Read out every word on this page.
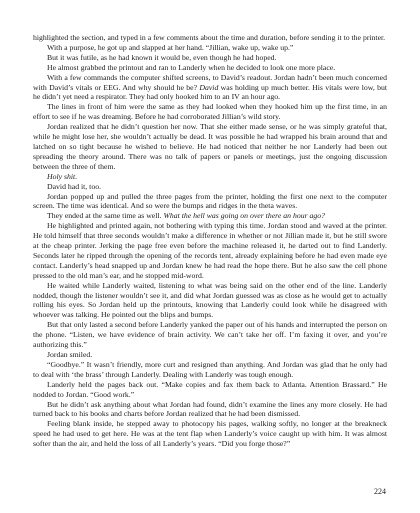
highlighted the section, and typed in a few comments about the time and duration, before sending it to the printer.

With a purpose, he got up and slapped at her hand. “Jillian, wake up, wake up.”

But it was futile, as he had known it would be, even though he had hoped.

He almost grabbed the printout and ran to Landerly when he decided to look one more place.

With a few commands the computer shifted screens, to David’s readout. Jordan hadn’t been much concerned with David’s vitals or EEG. And why should he be? David was holding up much better. His vitals were low, but he didn’t yet need a respirator. They had only hooked him to an IV an hour ago.

The lines in front of him were the same as they had looked when they hooked him up the first time, in an effort to see if he was dreaming. Before he had corroborated Jillian’s wild story.

Jordan realized that he didn’t question her now. That she either made sense, or he was simply grateful that, while he might lose her, she wouldn’t actually be dead. It was possible he had wrapped his brain around that and latched on so tight because he wished to believe. He had noticed that neither he nor Landerly had been out spreading the theory around. There was no talk of papers or panels or meetings, just the ongoing discussion between the three of them.

Holy shit.

David had it, too.

Jordan popped up and pulled the three pages from the printer, holding the first one next to the computer screen. The time was identical. And so were the bumps and ridges in the theta waves.

They ended at the same time as well. What the hell was going on over there an hour ago?

He highlighted and printed again, not bothering with typing this time. Jordan stood and waved at the printer. He told himself that three seconds wouldn’t make a difference in whether or not Jillian made it, but he still swore at the cheap printer. Jerking the page free even before the machine released it, he darted out to find Landerly. Seconds later he ripped through the opening of the records tent, already explaining before he had even made eye contact. Landerly’s head snapped up and Jordan knew he had read the hope there. But he also saw the cell phone pressed to the old man’s ear, and he stopped mid-word.

He waited while Landerly waited, listening to what was being said on the other end of the line. Landerly nodded, though the listener wouldn’t see it, and did what Jordan guessed was as close as he would get to actually rolling his eyes. So Jordan held up the printouts, knowing that Landerly could look while he disagreed with whoever was talking. He pointed out the blips and bumps.

But that only lasted a second before Landerly yanked the paper out of his hands and interrupted the person on the phone. “Listen, we have evidence of brain activity. We can’t take her off. I’m faxing it over, and you’re authorizing this.”

Jordan smiled.

“Goodbye.” It wasn’t friendly, more curt and resigned than anything. And Jordan was glad that he only had to deal with ‘the brass’ through Landerly. Dealing with Landerly was tough enough.

Landerly held the pages back out. “Make copies and fax them back to Atlanta. Attention Brassard.” He nodded to Jordan. “Good work.”

But he didn’t ask anything about what Jordan had found, didn’t examine the lines any more closely. He had turned back to his books and charts before Jordan realized that he had been dismissed.

Feeling blank inside, he stepped away to photocopy his pages, walking softly, no longer at the breakneck speed he had used to get here. He was at the tent flap when Landerly’s voice caught up with him. It was almost softer than the air, and held the loss of all Landerly’s years. “Did you forge those?”

224
